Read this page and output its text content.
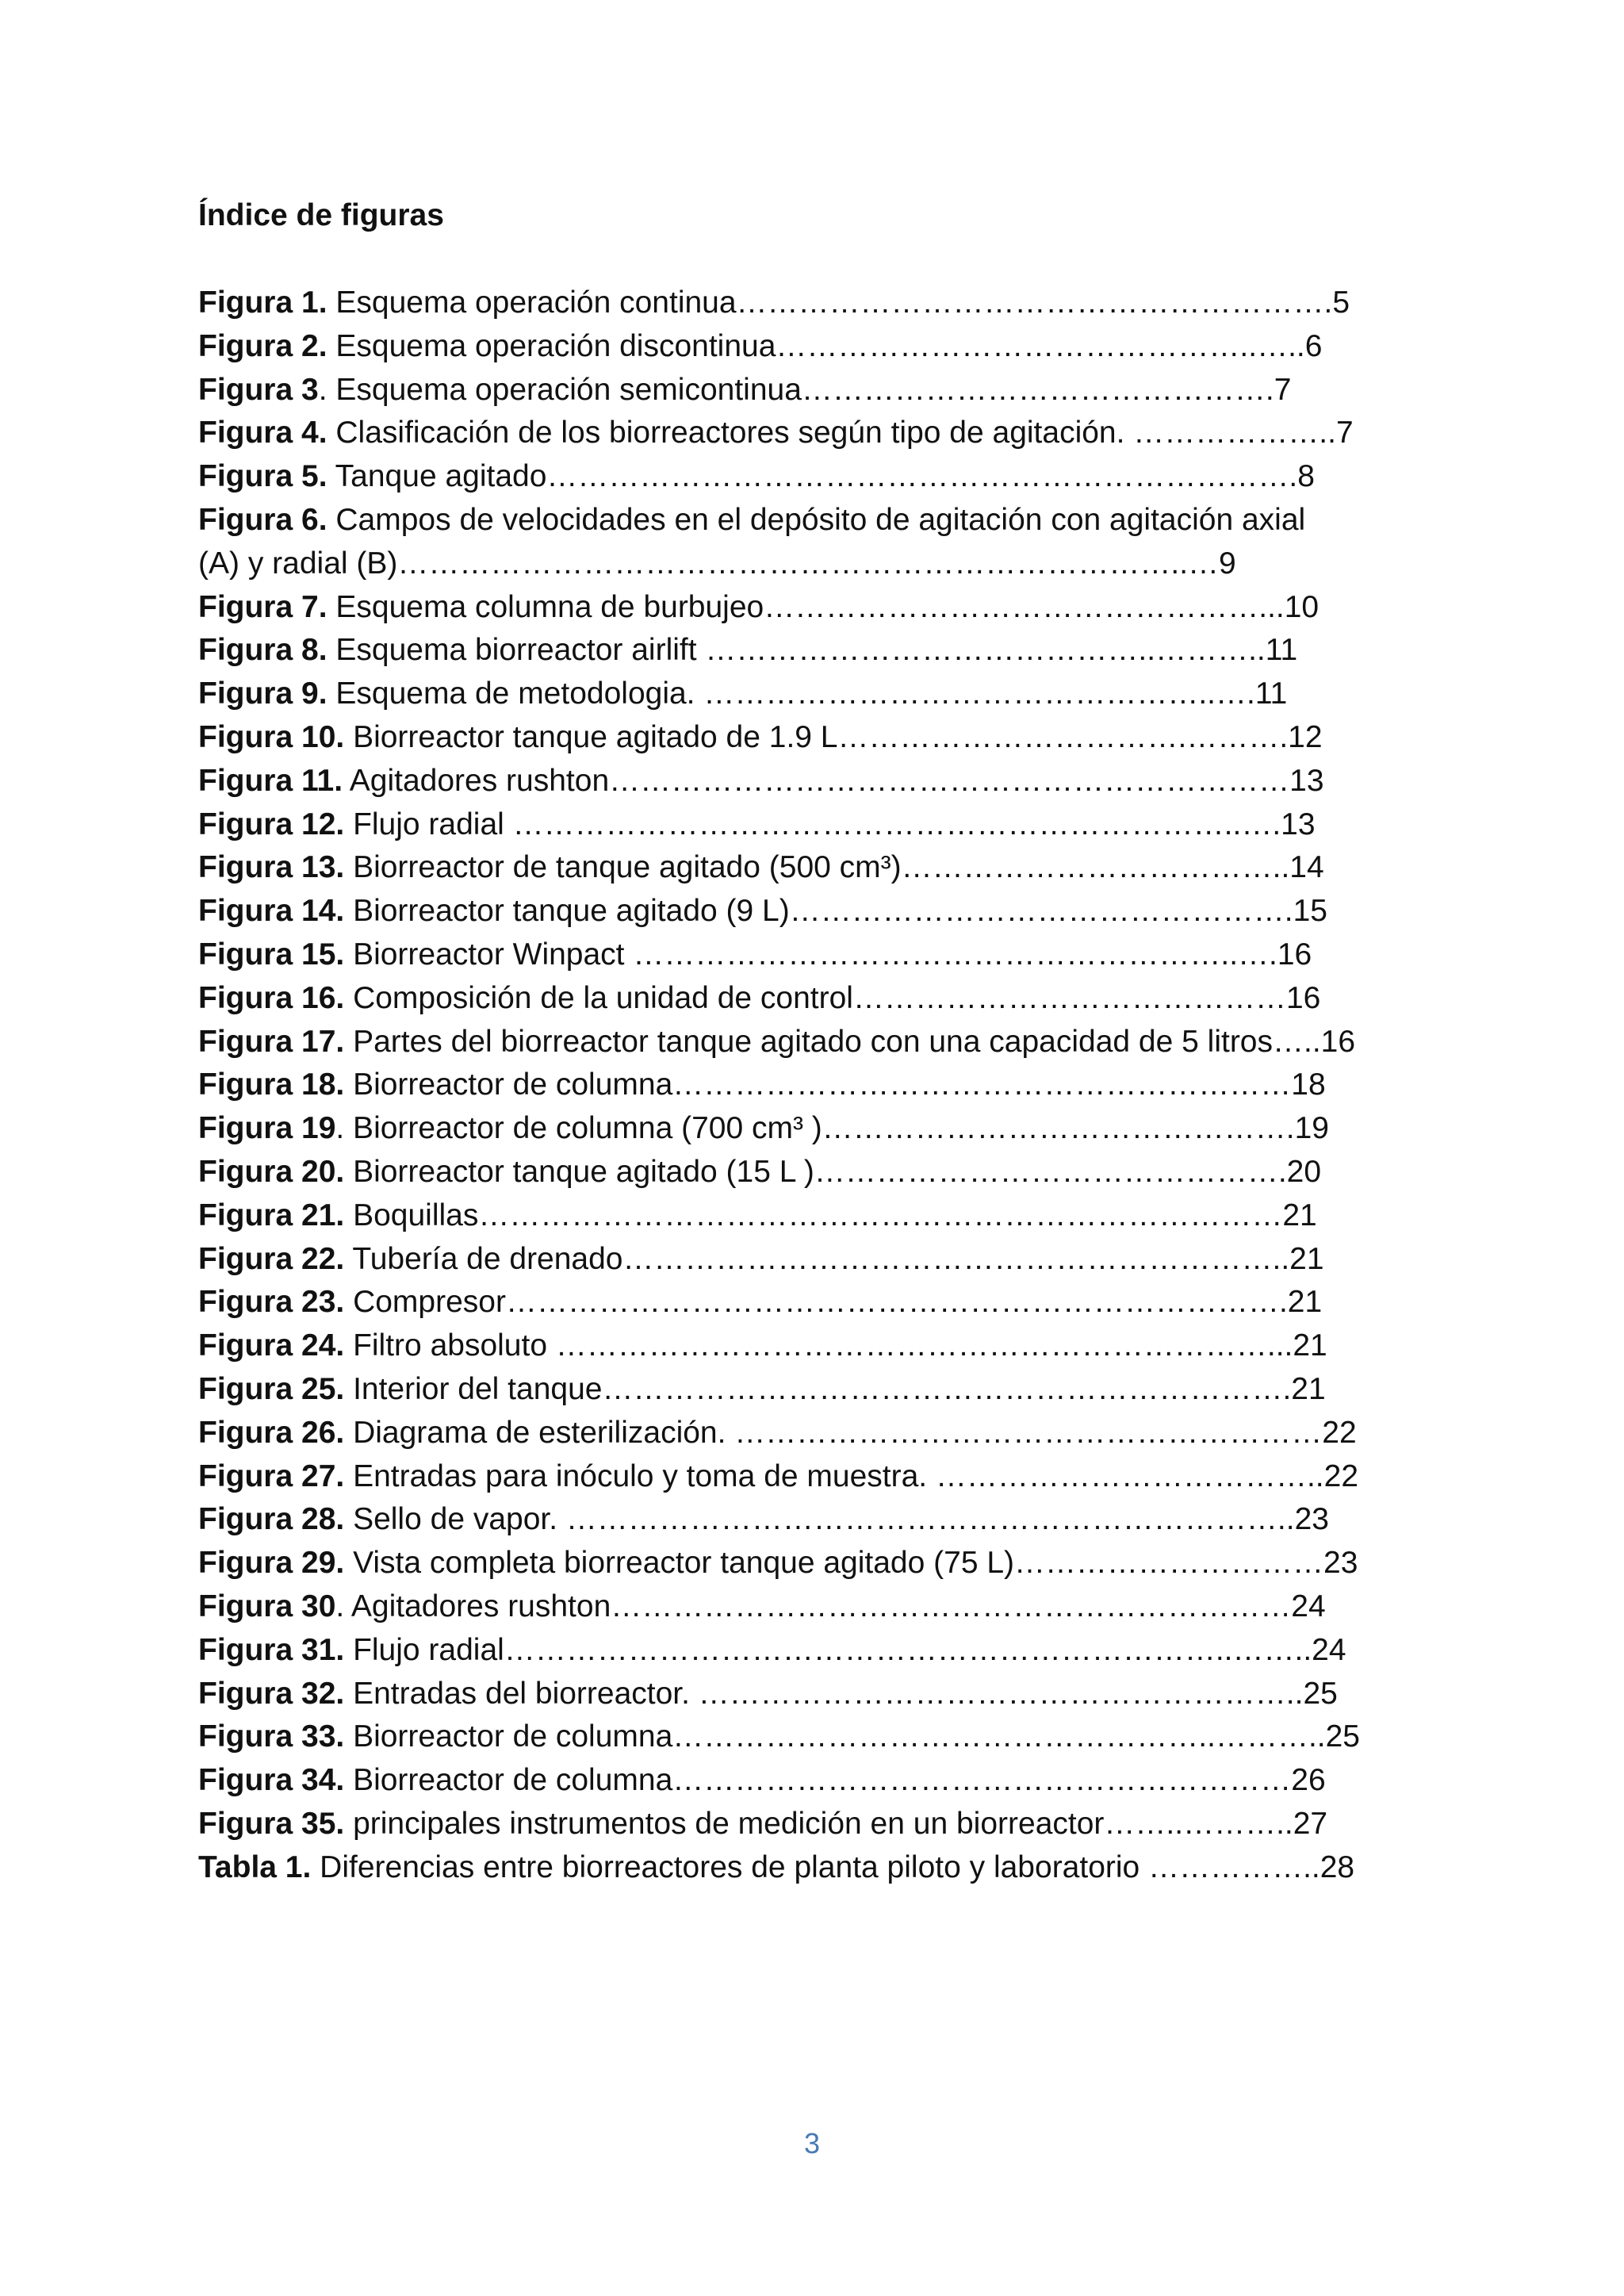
Índice de figuras
Figura 1. Esquema operación continua………………………………………………….5
Figura 2. Esquema operación discontinua………………………………………..…..6
Figura 3. Esquema operación semicontinua……………………………………….7
Figura 4. Clasificación de los biorreactores según tipo de agitación. ………………..7
Figura 5. Tanque agitado……………………………………………………………….8
Figura 6. Campos de velocidades en el depósito de agitación con agitación axial
(A) y radial (B)…………………………………………………………………..…9
Figura 7. Esquema columna de burbujeo…………………………………………...10
Figura 8. Esquema biorreactor airlift ……………………………………..………..11
Figura 9. Esquema de metodologia. …………………………………………..….11
Figura 10. Biorreactor tanque agitado de 1.9 L…………………………….……….12
Figura 11. Agitadores rushton…………………………………………………………13
Figura 12. Flujo radial ……………………………………………………………..….13
Figura 13. Biorreactor de tanque agitado (500 cm³)………………………………..14
Figura 14. Biorreactor tanque agitado (9 L)………………………………………….15
Figura 15. Biorreactor Winpact …………………………………………………..….16
Figura 16. Composición de la unidad de control……………………………………16
Figura 17. Partes del biorreactor tanque agitado con una capacidad de 5 litros…..16
Figura 18. Biorreactor de columna……………………………………………………18
Figura 19. Biorreactor de columna (700 cm³ )……………………………………….19
Figura 20. Biorreactor tanque agitado (15 L )……………………………………….20
Figura 21. Boquillas……………………………………………………………………21
Figura 22. Tubería de drenado………………………………………………………..21
Figura 23. Compresor………………………………………………………………….21
Figura 24. Filtro absoluto ……………………………………………………………...21
Figura 25. Interior del tanque………………………………………………………….21
Figura 26. Diagrama de esterilización. …………………………………………………22
Figura 27. Entradas para inóculo y toma de muestra. ………………………………..22
Figura 28. Sello de vapor. ……………………………………………………………..23
Figura 29. Vista completa biorreactor tanque agitado (75 L)…………………………23
Figura 30. Agitadores rushton…………………………………………………………24
Figura 31. Flujo radial……………………………………………………………..……..24
Figura 32. Entradas del biorreactor. …………………………………………………..25
Figura 33. Biorreactor de columna……………………………………………..………..25
Figura 34. Biorreactor de columna……………………………………………………26
Figura 35. principales instrumentos de medición en un biorreactor……..………..27
Tabla 1. Diferencias entre biorreactores de planta piloto y laboratorio ……………..28
3
